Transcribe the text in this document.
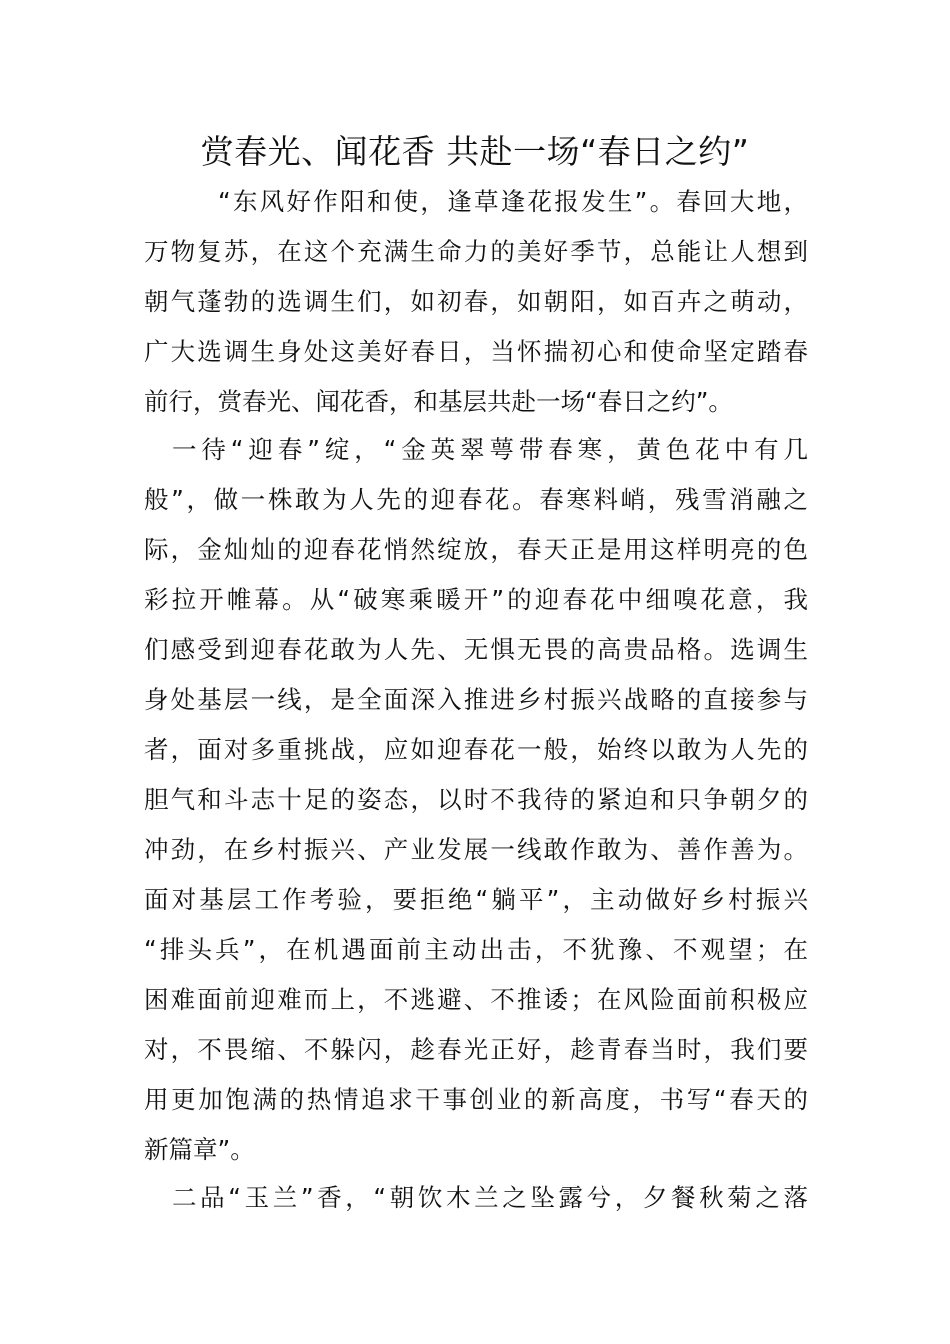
赏春光、闻花香 共赴一场“春日之约”
“东风好作阳和使，逢草逢花报发生”。春回大地，
万物复苏，在这个充满生命力的美好季节，总能让人想到
朝气蓬勃的选调生们，如初春，如朝阳，如百卉之萌动，
广大选调生身处这美好春日，当怀揣初心和使命坚定踏春
前行，赏春光、闻花香，和基层共赴一场“春日之约”。
一待“迎春”绽，“金英翠萼带春寒，黄色花中有几
般”，做一株敢为人先的迎春花。春寒料峭，残雪消融之
际，金灿灿的迎春花悄然绽放，春天正是用这样明亮的色
彩拉开帷幕。从“破寒乘暖开”的迎春花中细嗅花意，我
们感受到迎春花敢为人先、无惧无畏的高贵品格。选调生
身处基层一线，是全面深入推进乡村振兴战略的直接参与
者，面对多重挑战，应如迎春花一般，始终以敢为人先的
胆气和斗志十足的姿态，以时不我待的紧迫和只争朝夕的
冲劲，在乡村振兴、产业发展一线敢作敢为、善作善为。
面对基层工作考验，要拒绝“躺平”，主动做好乡村振兴
“排头兵”，在机遇面前主动出击，不犹豫、不观望；在
困难面前迎难而上，不逃避、不推诿；在风险面前积极应
对，不畏缩、不躲闪，趁春光正好，趁青春当时，我们要
用更加饱满的热情追求干事创业的新高度，书写“春天的
新篇章”。
二品“玉兰”香，“朝饮木兰之坠露兮，夕餐秋菊之落
